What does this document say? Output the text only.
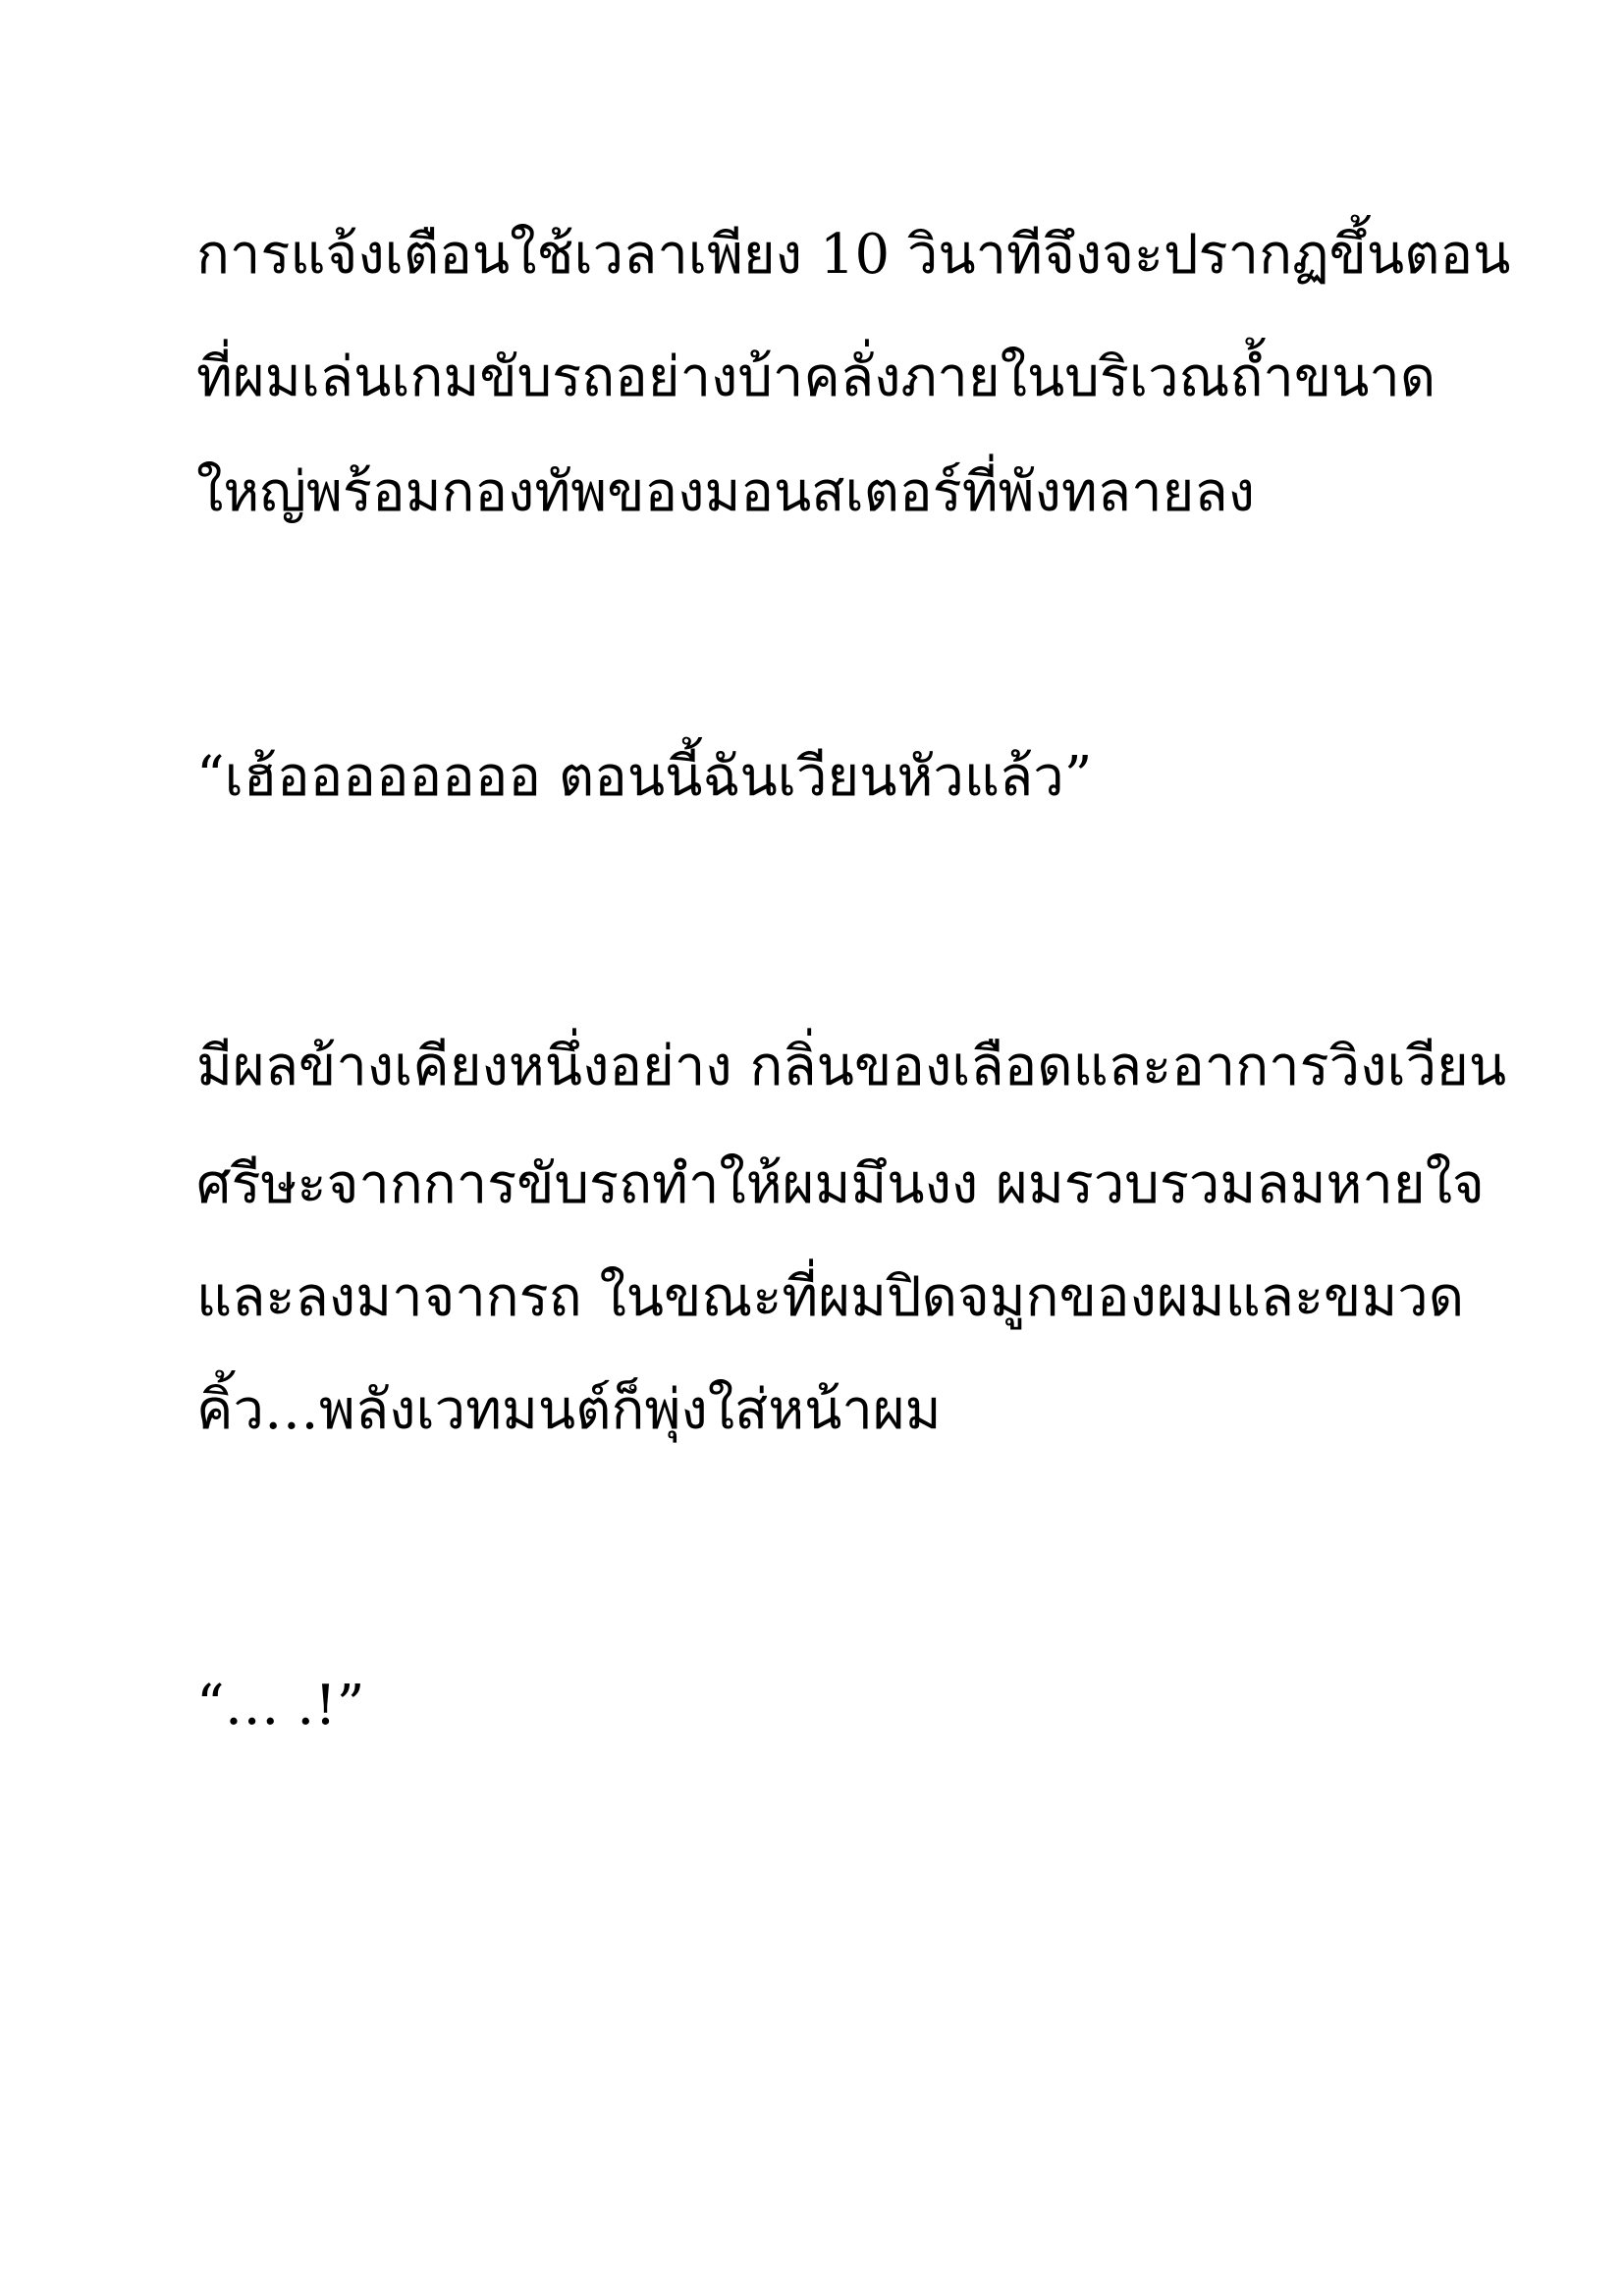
การแจ้งเตือนใช้เวลาเพียง 10 วินาทีจึงจะปรากฏขึ้นตอน
ที่ผมเล่นเกมขับรถอย่างบ้าคลั่งภายในบริเวณถ้ำขนาด
ใหญ่พร้อมกองทัพของมอนสเตอร์ที่พังทลายลง
“เฮ้ออออออออ ตอนนี้ฉันเวียนหัวแล้ว”
มีผลข้างเคียงหนึ่งอย่าง กลิ่นของเลือดและอาการวิงเวียน
ศรีษะจากการขับรถทำให้ผมมึนงง ผมรวบรวมลมหายใจ
และลงมาจากรถ ในขณะที่ผมปิดจมูกของผมและขมวด
คิ้ว…พลังเวทมนต์ก็พุ่งใส่หน้าผม
“… .!”
